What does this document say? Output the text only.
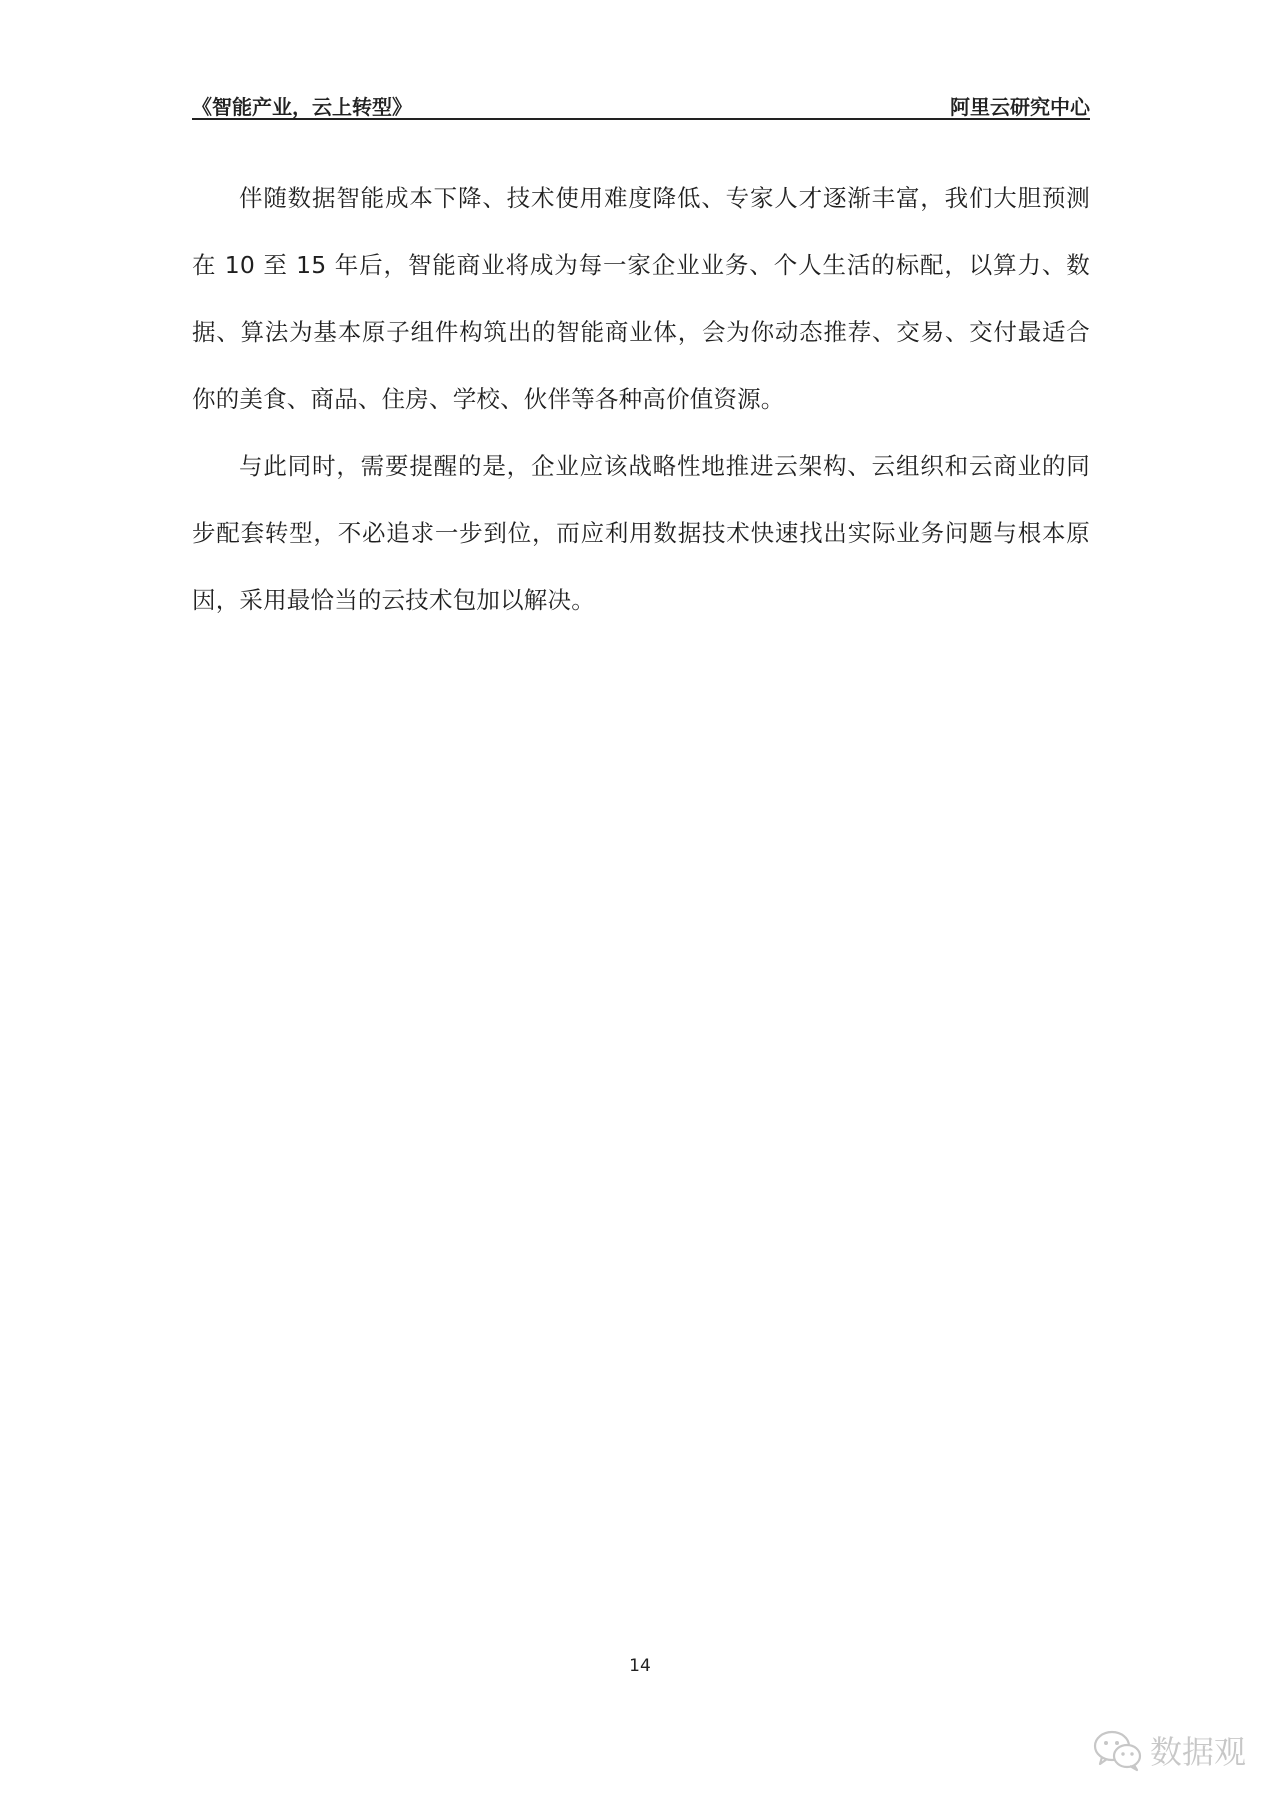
《智能产业，云上转型》	阿里云研究中心

伴随数据智能成本下降、技术使用难度降低、专家人才逐渐丰富，我们大胆预测在 10 至 15 年后，智能商业将成为每一家企业业务、个人生活的标配，以算力、数据、算法为基本原子组件构筑出的智能商业体，会为你动态推荐、交易、交付最适合你的美食、商品、住房、学校、伙伴等各种高价值资源。

与此同时，需要提醒的是，企业应该战略性地推进云架构、云组织和云商业的同步配套转型，不必追求一步到位，而应利用数据技术快速找出实际业务问题与根本原因，采用最恰当的云技术包加以解决。

14
数据观
